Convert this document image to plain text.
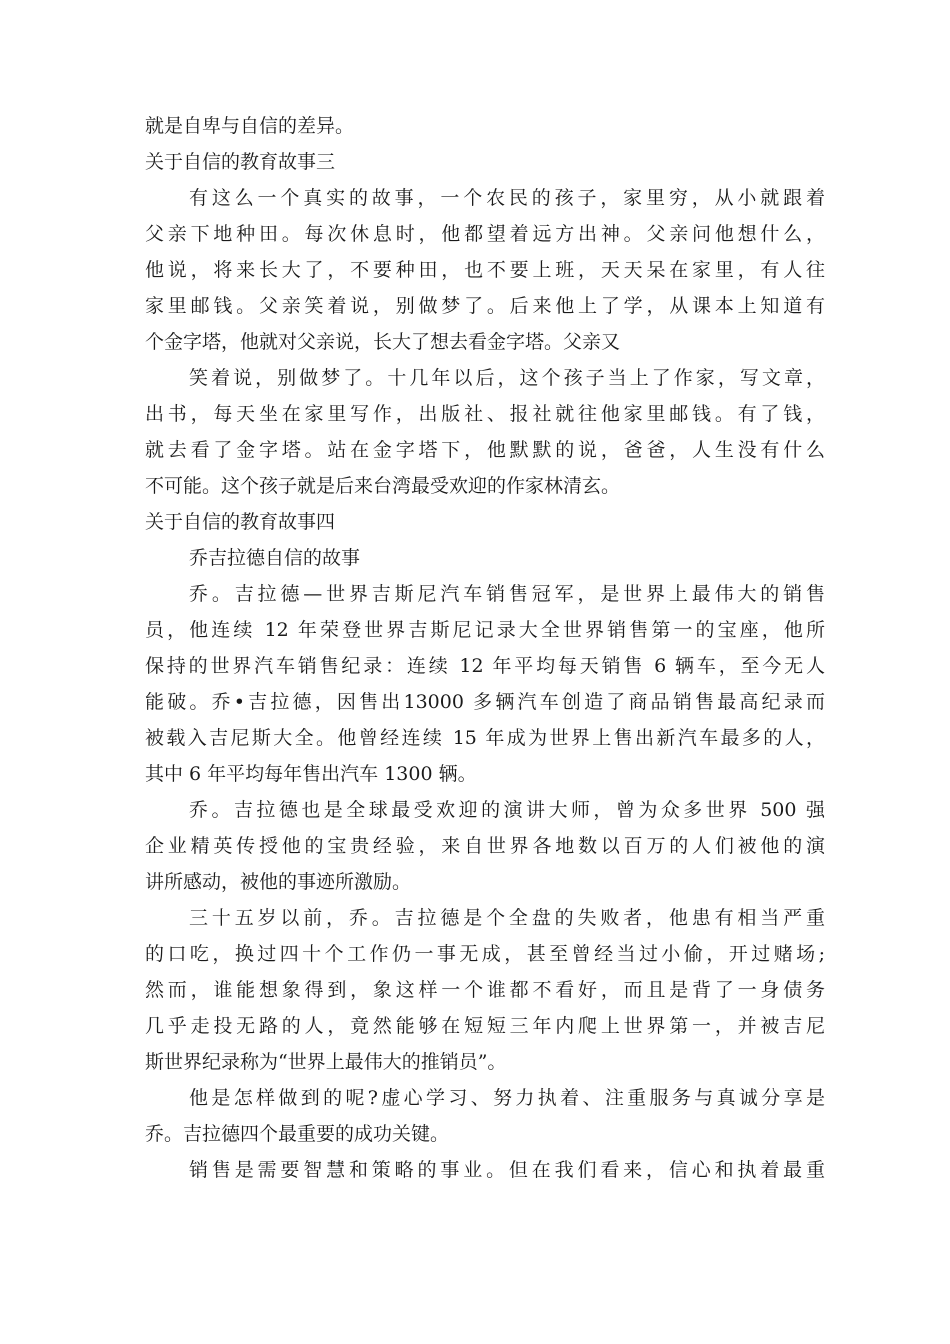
就是自卑与自信的差异。
关于自信的教育故事三
有这么一个真实的故事，一个农民的孩子，家里穷，从小就跟着
父亲下地种田。每次休息时，他都望着远方出神。父亲问他想什么，
他说，将来长大了，不要种田，也不要上班，天天呆在家里，有人往
家里邮钱。父亲笑着说，别做梦了。后来他上了学，从课本上知道有
个金字塔，他就对父亲说，长大了想去看金字塔。父亲又
笑着说，别做梦了。十几年以后，这个孩子当上了作家，写文章，
出书，每天坐在家里写作，出版社、报社就往他家里邮钱。有了钱，
就去看了金字塔。站在金字塔下，他默默的说，爸爸，人生没有什么
不可能。这个孩子就是后来台湾最受欢迎的作家林清玄。
关于自信的教育故事四
乔吉拉德自信的故事
乔。吉拉德—世界吉斯尼汽车销售冠军，是世界上最伟大的销售
员，他连续 12 年荣登世界吉斯尼记录大全世界销售第一的宝座，他所
保持的世界汽车销售纪录：连续 12 年平均每天销售 6 辆车，至今无人
能破。乔•吉拉德，因售出13000 多辆汽车创造了商品销售最高纪录而
被载入吉尼斯大全。他曾经连续 15 年成为世界上售出新汽车最多的人，
其中 6 年平均每年售出汽车 1300 辆。
乔。吉拉德也是全球最受欢迎的演讲大师，曾为众多世界 500 强
企业精英传授他的宝贵经验，来自世界各地数以百万的人们被他的演
讲所感动，被他的事迹所激励。
三十五岁以前，乔。吉拉德是个全盘的失败者，他患有相当严重
的口吃，换过四十个工作仍一事无成，甚至曾经当过小偷，开过赌场;
然而，谁能想象得到，象这样一个谁都不看好，而且是背了一身债务
几乎走投无路的人，竟然能够在短短三年内爬上世界第一，并被吉尼
斯世界纪录称为“世界上最伟大的推销员”。
他是怎样做到的呢?虚心学习、努力执着、注重服务与真诚分享是
乔。吉拉德四个最重要的成功关键。
销售是需要智慧和策略的事业。但在我们看来，信心和执着最重
